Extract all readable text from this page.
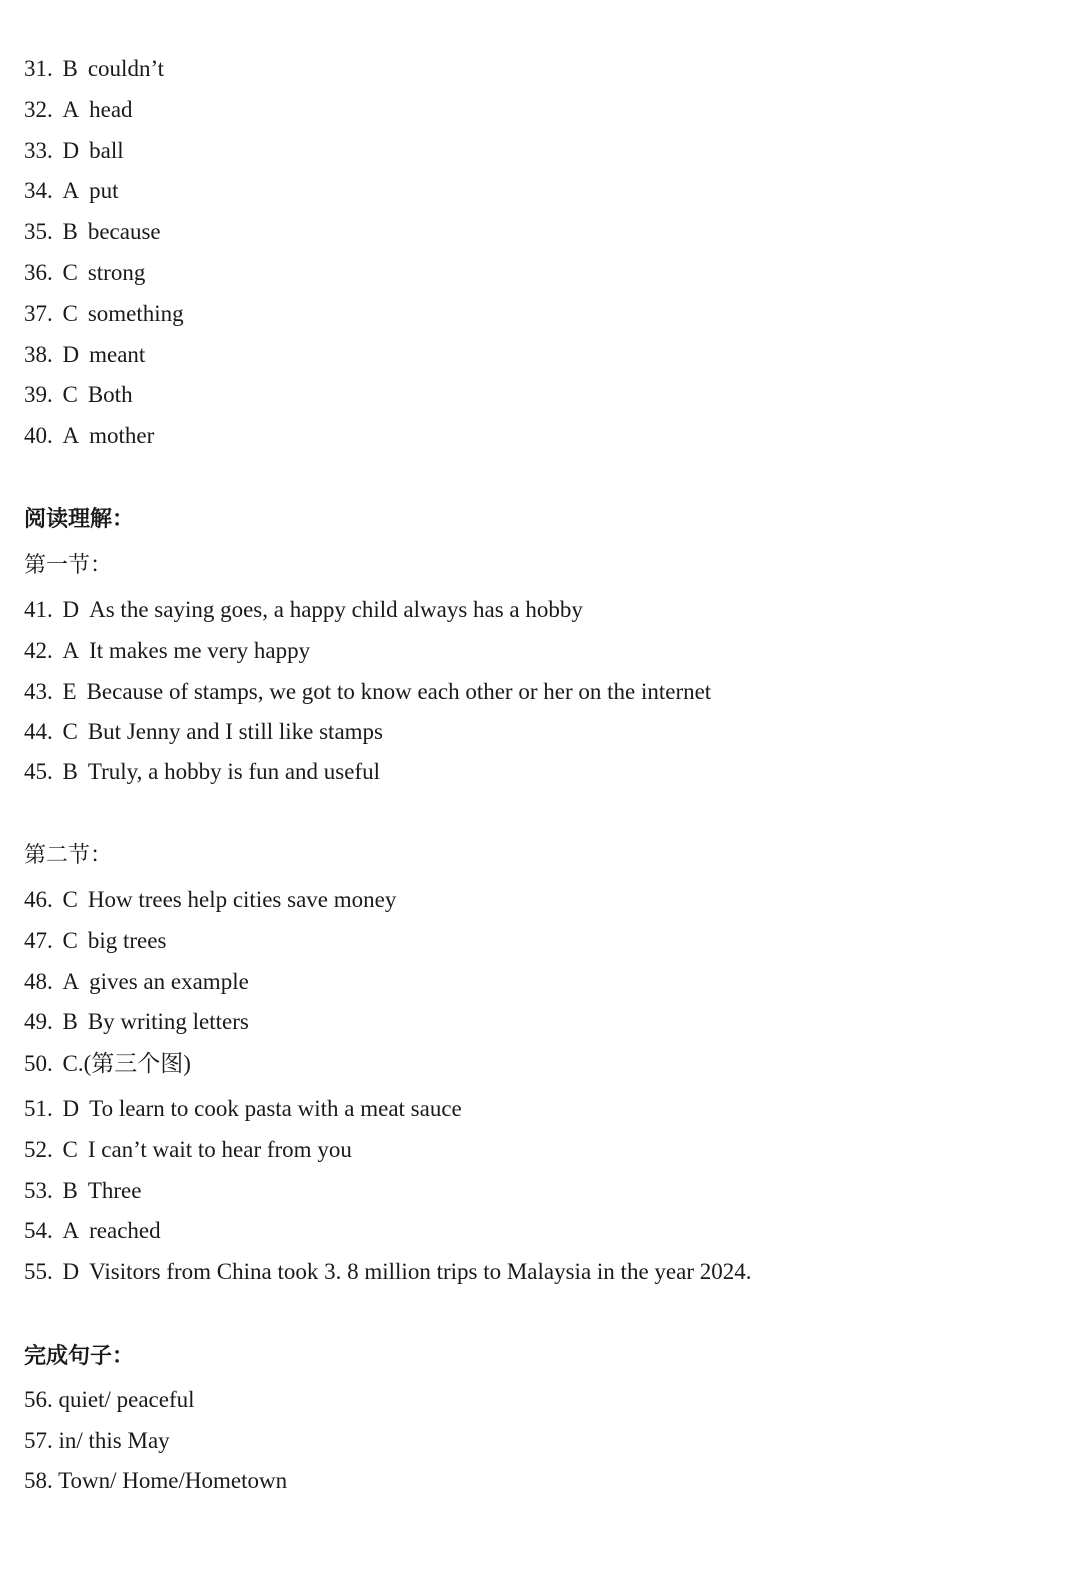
31. B couldn’t
32. A head
33. D ball
34. A put
35. B because
36. C strong
37. C something
38. D meant
39. C Both
40. A mother
阅读理解：
第一节：
41. D As the saying goes, a happy child always has a hobby
42. A It makes me very happy
43. E Because of stamps, we got to know each other or her on the internet
44. C But Jenny and I still like stamps
45. B Truly, a hobby is fun and useful
第二节：
46. C How trees help cities save money
47. C big trees
48. A gives an example
49. B By writing letters
50. C.(第三个图)
51. D To learn to cook pasta with a meat sauce
52. C I can’t wait to hear from you
53. B Three
54. A reached
55. D Visitors from China took 3. 8 million trips to Malaysia in the year 2024.
完成句子：
56. quiet/ peaceful
57. in/ this May
58. Town/ Home/Hometown
